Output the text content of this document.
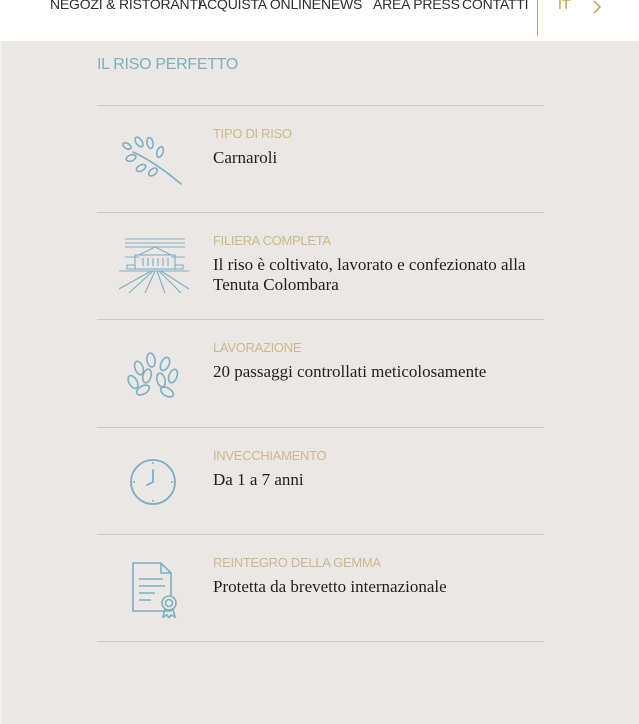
NEGOZI & RISTORANTI
ACQUISTA ONLINE NEWS AREA PRESS CONTATTI IT
IL RISO PERFETTO
TIPO DI RISO
Carnaroli
FILIERA COMPLETA
Il riso è coltivato, lavorato e confezionato alla Tenuta Colombara
LAVORAZIONE
20 passaggi controllati meticolosamente
INVECCHIAMENTO
Da 1 a 7 anni
REINTEGRO DELLA GEMMA
Protetta da brevetto internazionale
